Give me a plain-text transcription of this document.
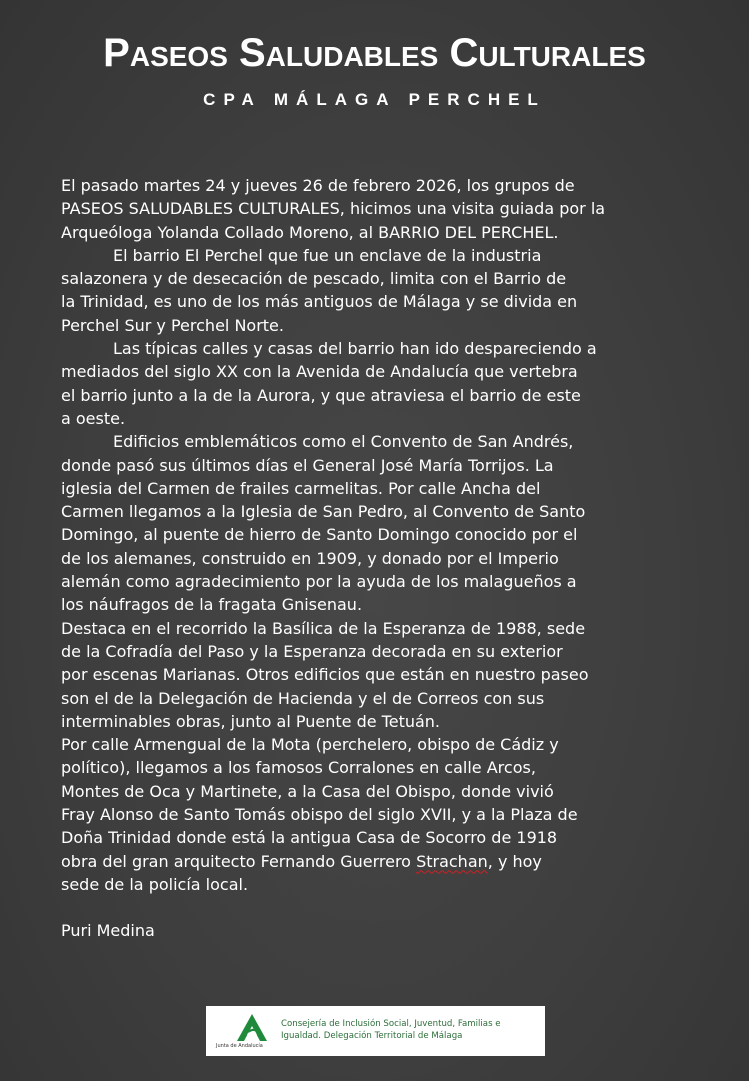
Paseos Saludables Culturales
CPA MÁLAGA PERCHEL

El pasado martes 24 y jueves 26 de febrero 2026, los grupos de
PASEOS SALUDABLES CULTURALES, hicimos una visita guiada por la
Arqueóloga Yolanda Collado Moreno, al BARRIO DEL PERCHEL.

El barrio El Perchel que fue un enclave de la industria
salazonera y de desecación de pescado, limita con el Barrio de
la Trinidad, es uno de los más antiguos de Málaga y se divida en
Perchel Sur y Perchel Norte.

Las típicas calles y casas del barrio han ido despareciendo a
mediados del siglo XX con la Avenida de Andalucía que vertebra
el barrio junto a la de la Aurora, y que atraviesa el barrio de este
a oeste.

Edificios emblemáticos como el Convento de San Andrés,
donde pasó sus últimos días el General José María Torrijos. La
iglesia del Carmen de frailes carmelitas. Por calle Ancha del
Carmen llegamos a la Iglesia de San Pedro, al Convento de Santo
Domingo, al puente de hierro de Santo Domingo conocido por el
de los alemanes, construido en 1909, y donado por el Imperio
alemán como agradecimiento por la ayuda de los malagueños a
los náufragos de la fragata Gnisenau.

Destaca en el recorrido la Basílica de la Esperanza de 1988, sede
de la Cofradía del Paso y la Esperanza decorada en su exterior
por escenas Marianas. Otros edificios que están en nuestro paseo
son el de la Delegación de Hacienda y el de Correos con sus
interminables obras, junto al Puente de Tetuán.

Por calle Armengual de la Mota (perchelero, obispo de Cádiz y
político), llegamos a los famosos Corralones en calle Arcos,
Montes de Oca y Martinete, a la Casa del Obispo, donde vivió
Fray Alonso de Santo Tomás obispo del siglo XVII, y a la Plaza de
Doña Trinidad donde está la antigua Casa de Socorro de 1918
obra del gran arquitecto Fernando Guerrero Strachan, y hoy
sede de la policía local.

Puri Medina

Junta de Andalucía
Consejería de Inclusión Social, Juventud, Familias e
Igualdad. Delegación Territorial de Málaga
